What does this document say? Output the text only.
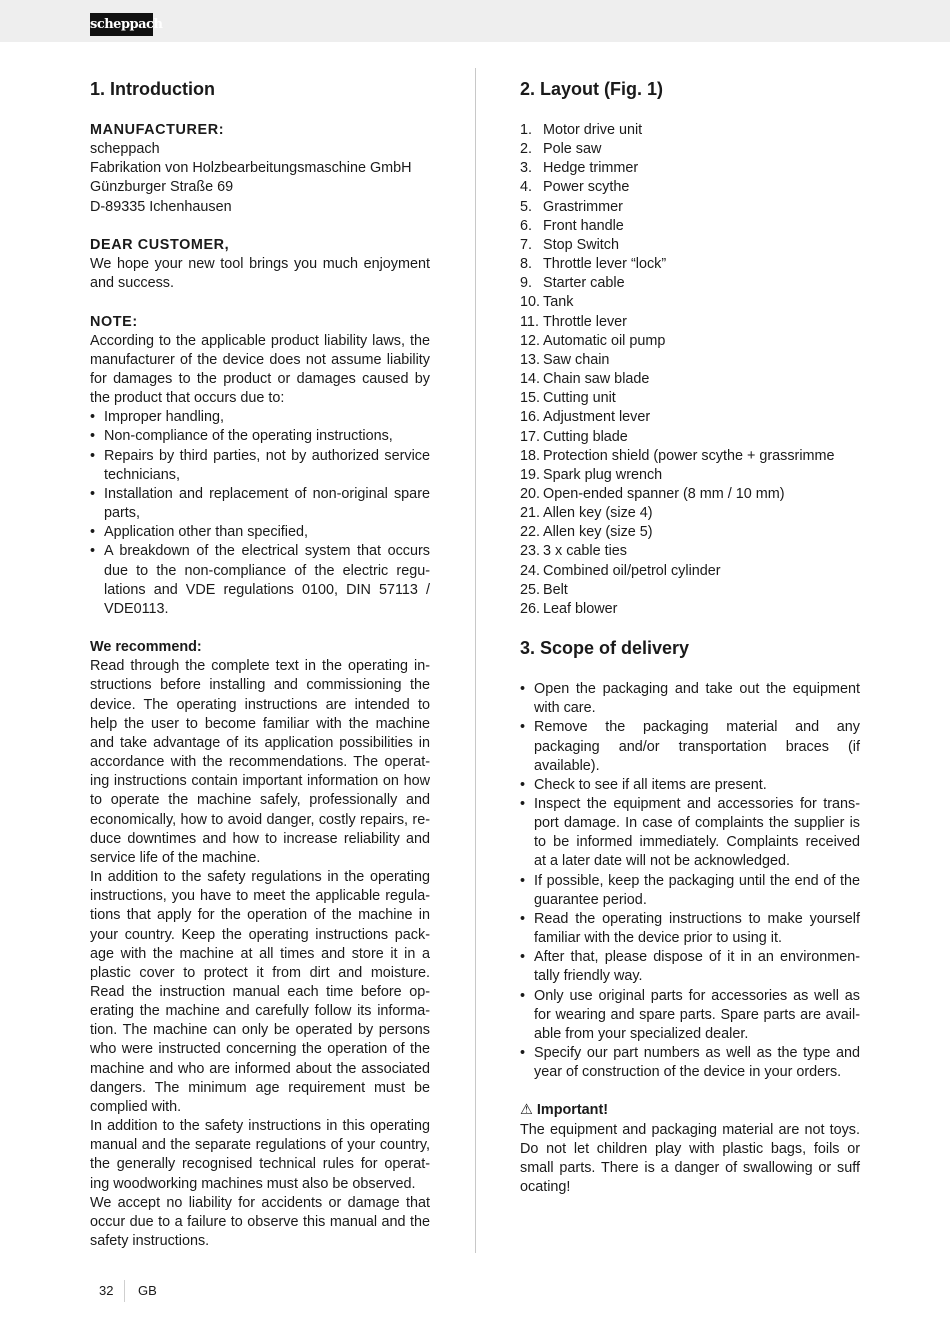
scheppach
1. Introduction

MANUFACTURER:

scheppach

Fabrikation von Holzbearbeitungsmaschine GmbH

Günzburger Straße 69

D-89335 Ichenhausen

DEAR CUSTOMER,

We hope your new tool brings you much enjoyment and success.

NOTE:

According to the applicable product liability laws, the manufacturer of the device does not assume liability for damages to the product or damages caused by the product that occurs due to:

• Improper handling,
• Non-compliance of the operating instructions,
• Repairs by third parties, not by authorized service technicians,
• Installation and replacement of non-original spare parts,
• Application other than specified,
• A breakdown of the electrical system that occurs due to the non-compliance of the electric regu-lations and VDE regulations 0100, DIN 57113 / VDE0113.

We recommend:

Read through the complete text in the operating in-structions before installing and commissioning the device. The operating instructions are intended to help the user to become familiar with the machine and take advantage of its application possibilities in accordance with the recommendations. The operat-ing instructions contain important information on how to operate the machine safely, professionally and economically, how to avoid danger, costly repairs, re-duce downtimes and how to increase reliability and service life of the machine.

In addition to the safety regulations in the operating instructions, you have to meet the applicable regula-tions that apply for the operation of the machine in your country. Keep the operating instructions pack-age with the machine at all times and store it in a plastic cover to protect it from dirt and moisture. Read the instruction manual each time before op-erating the machine and carefully follow its informa-tion. The machine can only be operated by persons who were instructed concerning the operation of the machine and who are informed about the associated dangers. The minimum age requirement must be complied with.

In addition to the safety instructions in this operating manual and the separate regulations of your country, the generally recognised technical rules for operat-ing woodworking machines must also be observed.

We accept no liability for accidents or damage that occur due to a failure to observe this manual and the safety instructions.

2. Layout (Fig. 1)
1. Motor drive unit
2. Pole saw
3. Hedge trimmer
4. Power scythe
5. Grastrimmer
6. Front handle
7. Stop Switch
8. Throttle lever “lock”
9. Starter cable
10. Tank
11. Throttle lever
12. Automatic oil pump
13. Saw chain
14. Chain saw blade
15. Cutting unit
16. Adjustment lever
17. Cutting blade
18. Protection shield (power scythe + grassrimme
19. Spark plug wrench
20. Open-ended spanner (8 mm / 10 mm)
21. Allen key (size 4)
22. Allen key (size 5)
23. 3 x cable ties
24. Combined oil/petrol cylinder
25. Belt
26. Leaf blower
3. Scope of delivery
• Open the packaging and take out the equipment with care.
• Remove the packaging material and any packaging and/or transportation braces (if available).
• Check to see if all items are present.
• Inspect the equipment and accessories for trans-port damage. In case of complaints the supplier is to be informed immediately. Complaints received at a later date will not be acknowledged.
• If possible, keep the packaging until the end of the guarantee period.
• Read the operating instructions to make yourself familiar with the device prior to using it.
• After that, please dispose of it in an environmen-tally friendly way.
• Only use original parts for accessories as well as for wearing and spare parts. Spare parts are avail-able from your specialized dealer.
• Specify our part numbers as well as the type and year of construction of the device in your orders.

⚠ Important!

The equipment and packaging material are not toys. Do not let children play with plastic bags, foils or small parts. There is a danger of swallowing or suff ocating!

32 GB
